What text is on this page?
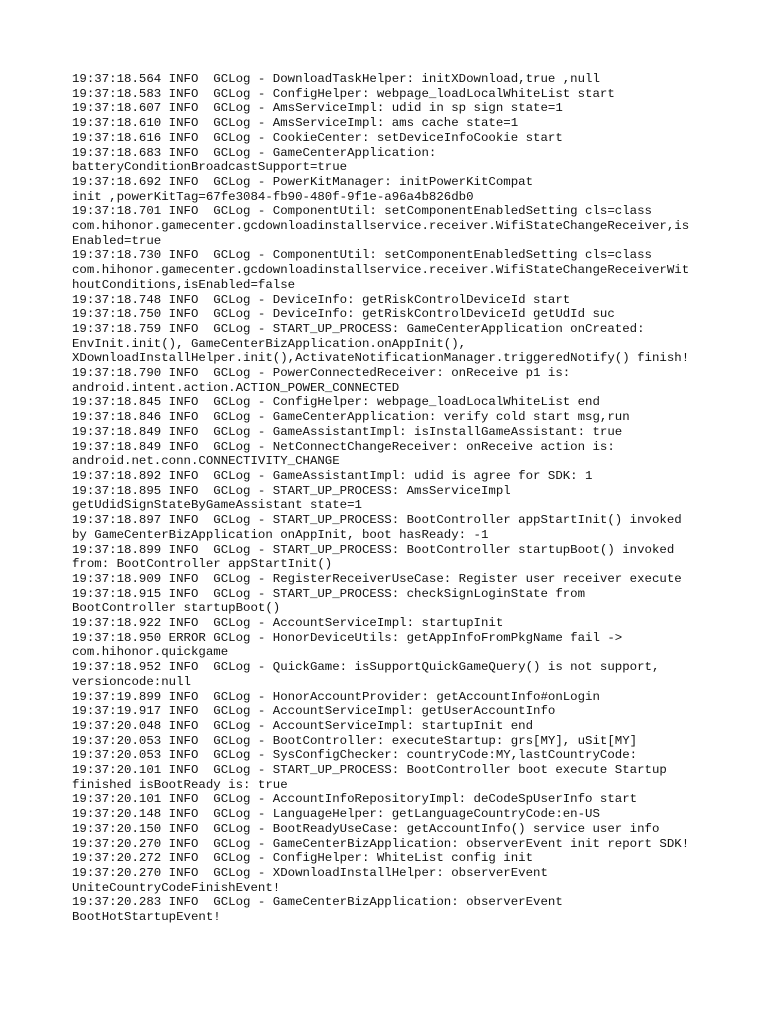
19:37:18.564 INFO  GCLog - DownloadTaskHelper: initXDownload,true ,null
19:37:18.583 INFO  GCLog - ConfigHelper: webpage_loadLocalWhiteList start
19:37:18.607 INFO  GCLog - AmsServiceImpl: udid in sp sign state=1
19:37:18.610 INFO  GCLog - AmsServiceImpl: ams cache state=1
19:37:18.616 INFO  GCLog - CookieCenter: setDeviceInfoCookie start
19:37:18.683 INFO  GCLog - GameCenterApplication:
batteryConditionBroadcastSupport=true
19:37:18.692 INFO  GCLog - PowerKitManager: initPowerKitCompat
init ,powerKitTag=67fe3084-fb90-480f-9f1e-a96a4b826db0
19:37:18.701 INFO  GCLog - ComponentUtil: setComponentEnabledSetting cls=class
com.hihonor.gamecenter.gcdownloadinstallservice.receiver.WifiStateChangeReceiver,is
Enabled=true
19:37:18.730 INFO  GCLog - ComponentUtil: setComponentEnabledSetting cls=class
com.hihonor.gamecenter.gcdownloadinstallservice.receiver.WifiStateChangeReceiverWit
houtConditions,isEnabled=false
19:37:18.748 INFO  GCLog - DeviceInfo: getRiskControlDeviceId start
19:37:18.750 INFO  GCLog - DeviceInfo: getRiskControlDeviceId getUdId suc
19:37:18.759 INFO  GCLog - START_UP_PROCESS: GameCenterApplication onCreated:
EnvInit.init(), GameCenterBizApplication.onAppInit(),
XDownloadInstallHelper.init(),ActivateNotificationManager.triggeredNotify() finish!
19:37:18.790 INFO  GCLog - PowerConnectedReceiver: onReceive p1 is:
android.intent.action.ACTION_POWER_CONNECTED
19:37:18.845 INFO  GCLog - ConfigHelper: webpage_loadLocalWhiteList end
19:37:18.846 INFO  GCLog - GameCenterApplication: verify cold start msg,run
19:37:18.849 INFO  GCLog - GameAssistantImpl: isInstallGameAssistant: true
19:37:18.849 INFO  GCLog - NetConnectChangeReceiver: onReceive action is:
android.net.conn.CONNECTIVITY_CHANGE
19:37:18.892 INFO  GCLog - GameAssistantImpl: udid is agree for SDK: 1
19:37:18.895 INFO  GCLog - START_UP_PROCESS: AmsServiceImpl
getUdidSignStateByGameAssistant state=1
19:37:18.897 INFO  GCLog - START_UP_PROCESS: BootController appStartInit() invoked
by GameCenterBizApplication onAppInit, boot hasReady: -1
19:37:18.899 INFO  GCLog - START_UP_PROCESS: BootController startupBoot() invoked
from: BootController appStartInit()
19:37:18.909 INFO  GCLog - RegisterReceiverUseCase: Register user receiver execute
19:37:18.915 INFO  GCLog - START_UP_PROCESS: checkSignLoginState from
BootController startupBoot()
19:37:18.922 INFO  GCLog - AccountServiceImpl: startupInit
19:37:18.950 ERROR GCLog - HonorDeviceUtils: getAppInfoFromPkgName fail ->
com.hihonor.quickgame
19:37:18.952 INFO  GCLog - QuickGame: isSupportQuickGameQuery() is not support,
versioncode:null
19:37:19.899 INFO  GCLog - HonorAccountProvider: getAccountInfo#onLogin
19:37:19.917 INFO  GCLog - AccountServiceImpl: getUserAccountInfo
19:37:20.048 INFO  GCLog - AccountServiceImpl: startupInit end
19:37:20.053 INFO  GCLog - BootController: executeStartup: grs[MY], uSit[MY]
19:37:20.053 INFO  GCLog - SysConfigChecker: countryCode:MY,lastCountryCode:
19:37:20.101 INFO  GCLog - START_UP_PROCESS: BootController boot execute Startup
finished isBootReady is: true
19:37:20.101 INFO  GCLog - AccountInfoRepositoryImpl: deCodeSpUserInfo start
19:37:20.148 INFO  GCLog - LanguageHelper: getLanguageCountryCode:en-US
19:37:20.150 INFO  GCLog - BootReadyUseCase: getAccountInfo() service user info
19:37:20.270 INFO  GCLog - GameCenterBizApplication: observerEvent init report SDK!
19:37:20.272 INFO  GCLog - ConfigHelper: WhiteList config init
19:37:20.270 INFO  GCLog - XDownloadInstallHelper: observerEvent
UniteCountryCodeFinishEvent!
19:37:20.283 INFO  GCLog - GameCenterBizApplication: observerEvent
BootHotStartupEvent!
